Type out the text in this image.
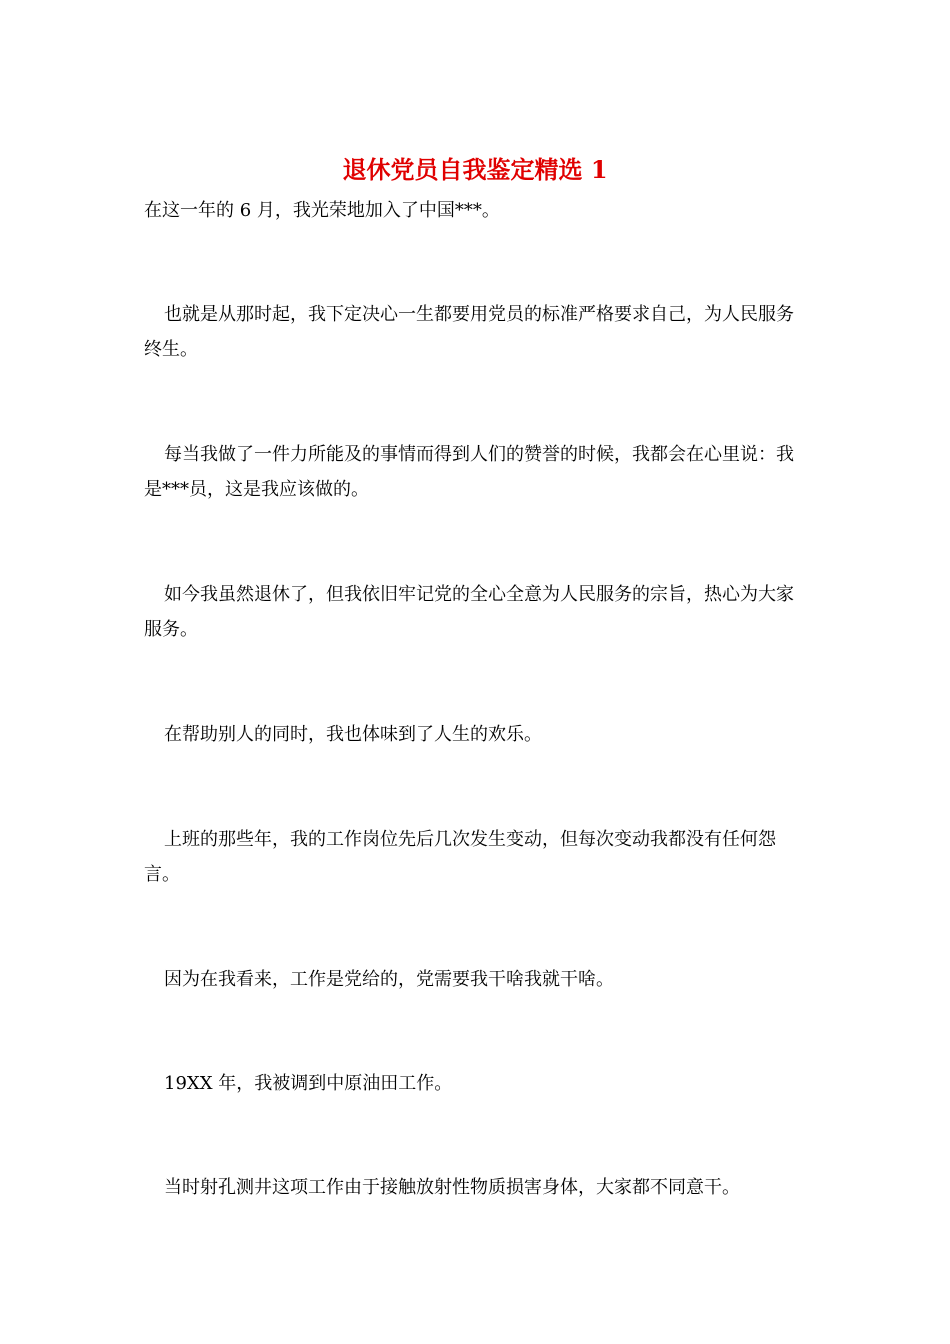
退休党员自我鉴定精选 1

在这一年的 6 月，我光荣地加入了中国***。

也就是从那时起，我下定决心一生都要用党员的标准严格要求自己，为人民服务终生。

每当我做了一件力所能及的事情而得到人们的赞誉的时候，我都会在心里说：我是***员，这是我应该做的。

如今我虽然退休了，但我依旧牢记党的全心全意为人民服务的宗旨，热心为大家服务。

在帮助别人的同时，我也体味到了人生的欢乐。

上班的那些年，我的工作岗位先后几次发生变动，但每次变动我都没有任何怨言。

因为在我看来，工作是党给的，党需要我干啥我就干啥。

19XX 年，我被调到中原油田工作。

当时射孔测井这项工作由于接触放射性物质损害身体，大家都不同意干。
